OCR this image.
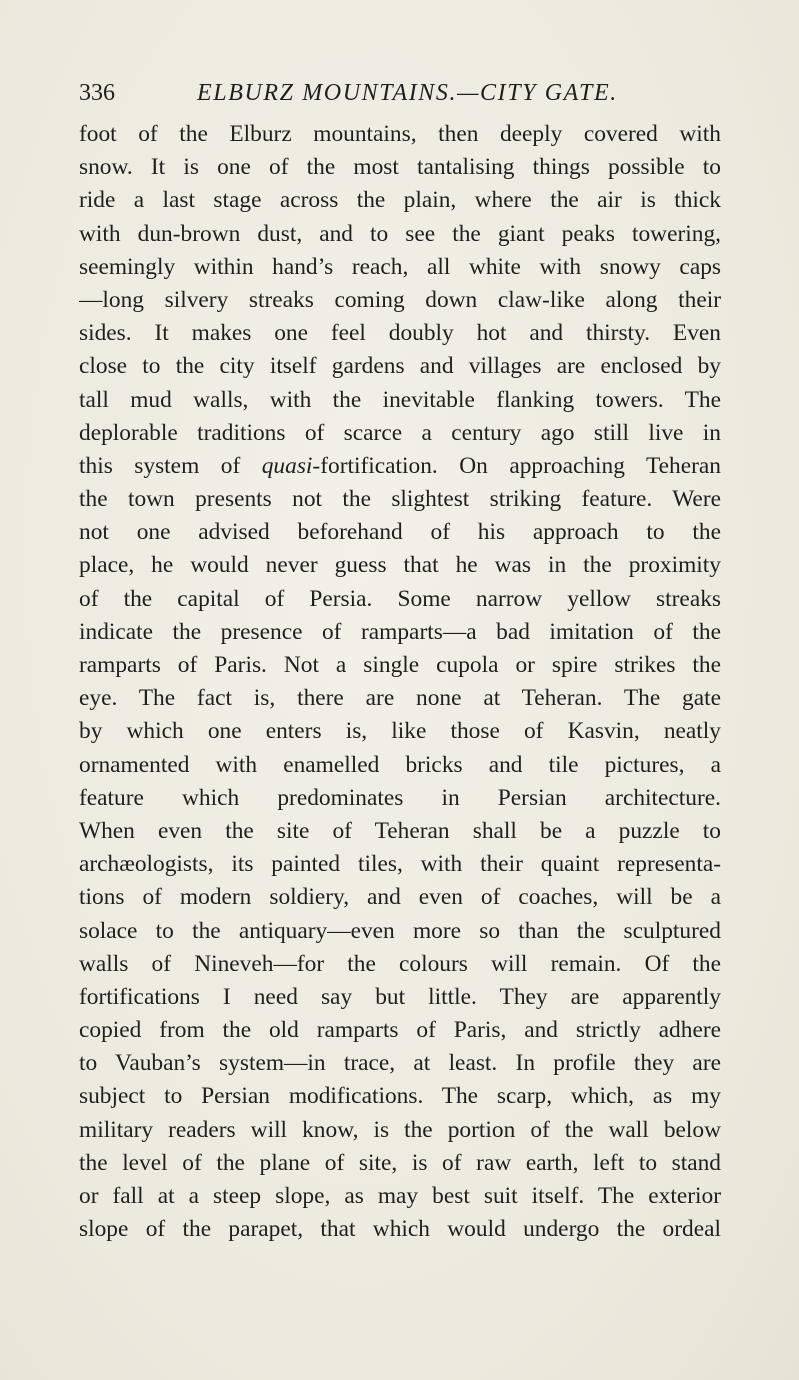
336	ELBURZ MOUNTAINS.—CITY GATE.
foot of the Elburz mountains, then deeply covered with
snow. It is one of the most tantalising things possible to
ride a last stage across the plain, where the air is thick
with dun-brown dust, and to see the giant peaks towering,
seemingly within hand’s reach, all white with snowy caps
—long silvery streaks coming down claw-like along their
sides. It makes one feel doubly hot and thirsty. Even
close to the city itself gardens and villages are enclosed by
tall mud walls, with the inevitable flanking towers. The
deplorable traditions of scarce a century ago still live in
this system of quasi-fortification. On approaching Teheran
the town presents not the slightest striking feature. Were
not one advised beforehand of his approach to the
place, he would never guess that he was in the proximity
of the capital of Persia. Some narrow yellow streaks
indicate the presence of ramparts—a bad imitation of the
ramparts of Paris. Not a single cupola or spire strikes the
eye. The fact is, there are none at Teheran. The gate
by which one enters is, like those of Kasvin, neatly
ornamented with enamelled bricks and tile pictures, a
feature which predominates in Persian architecture.
When even the site of Teheran shall be a puzzle to
archæologists, its painted tiles, with their quaint representa-
tions of modern soldiery, and even of coaches, will be a
solace to the antiquary—even more so than the sculptured
walls of Nineveh—for the colours will remain. Of the
fortifications I need say but little. They are apparently
copied from the old ramparts of Paris, and strictly adhere
to Vauban’s system—in trace, at least. In profile they are
subject to Persian modifications. The scarp, which, as my
military readers will know, is the portion of the wall below
the level of the plane of site, is of raw earth, left to stand
or fall at a steep slope, as may best suit itself. The exterior
slope of the parapet, that which would undergo the ordeal
